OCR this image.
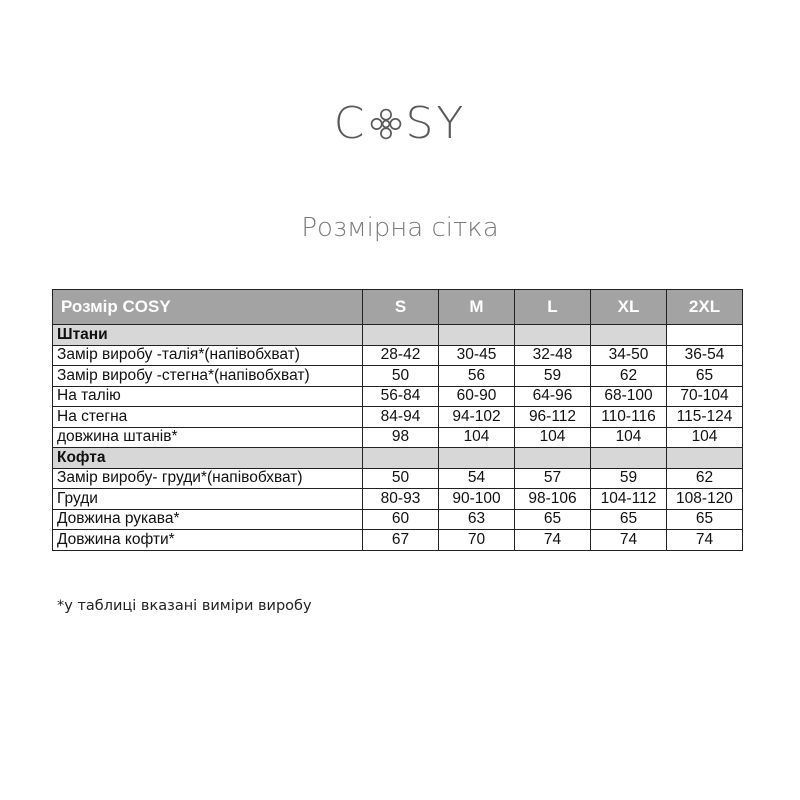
C SY
Розмірна сітка
Розмір COSY	S	M	L	XL	2XL
Штани					
Замір виробу -талія*(напівобхват)	28-42	30-45	32-48	34-50	36-54
Замір виробу -стегна*(напівобхват)	50	56	59	62	65
На талію	56-84	60-90	64-96	68-100	70-104
На стегна	84-94	94-102	96-112	110-116	115-124
довжина штанів*	98	104	104	104	104
Кофта					
Замір виробу- груди*(напівобхват)	50	54	57	59	62
Груди	80-93	90-100	98-106	104-112	108-120
Довжина рукава*	60	63	65	65	65
Довжина кофти*	67	70	74	74	74
*у таблиці вказані виміри виробу
